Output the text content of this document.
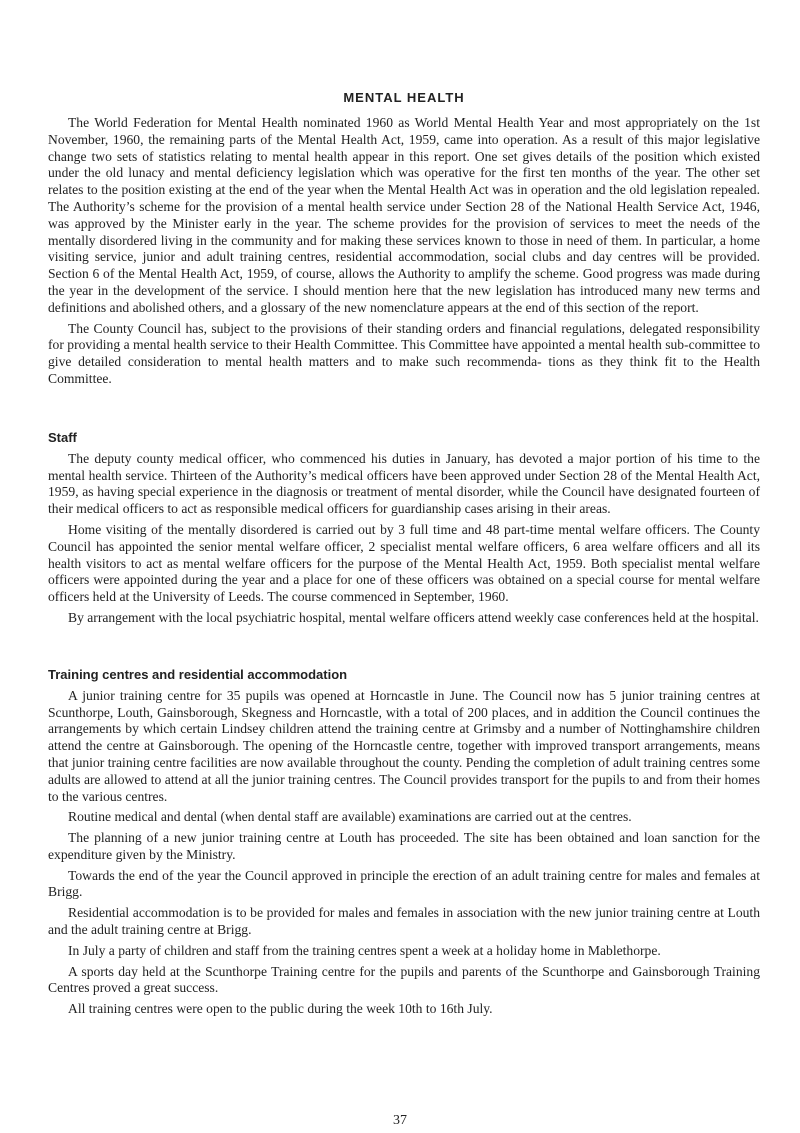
MENTAL HEALTH

The World Federation for Mental Health nominated 1960 as World Mental Health Year and most appropriately on the 1st November, 1960, the remaining parts of the Mental Health Act, 1959, came into operation. As a result of this major legislative change two sets of statistics relating to mental health appear in this report. One set gives details of the position which existed under the old lunacy and mental deficiency legislation which was operative for the first ten months of the year. The other set relates to the position existing at the end of the year when the Mental Health Act was in operation and the old legislation repealed. The Authority’s scheme for the provision of a mental health service under Section 28 of the National Health Service Act, 1946, was approved by the Minister early in the year. The scheme provides for the provision of services to meet the needs of the mentally disordered living in the community and for making these services known to those in need of them. In particular, a home visiting service, junior and adult training centres, residential accommodation, social clubs and day centres will be provided. Section 6 of the Mental Health Act, 1959, of course, allows the Authority to amplify the scheme. Good progress was made during the year in the development of the service. I should mention here that the new legislation has introduced many new terms and definitions and abolished others, and a glossary of the new nomenclature appears at the end of this section of the report.

The County Council has, subject to the provisions of their standing orders and financial regulations, delegated responsibility for providing a mental health service to their Health Committee. This Committee have appointed a mental health sub-committee to give detailed consideration to mental health matters and to make such recommenda- tions as they think fit to the Health Committee.

Staff

The deputy county medical officer, who commenced his duties in January, has devoted a major portion of his time to the mental health service. Thirteen of the Authority’s medical officers have been approved under Section 28 of the Mental Health Act, 1959, as having special experience in the diagnosis or treatment of mental disorder, while the Council have designated fourteen of their medical officers to act as responsible medical officers for guardianship cases arising in their areas.

Home visiting of the mentally disordered is carried out by 3 full time and 48 part-time mental welfare officers. The County Council has appointed the senior mental welfare officer, 2 specialist mental welfare officers, 6 area welfare officers and all its health visitors to act as mental welfare officers for the purpose of the Mental Health Act, 1959. Both specialist mental welfare officers were appointed during the year and a place for one of these officers was obtained on a special course for mental welfare officers held at the University of Leeds. The course commenced in September, 1960.

By arrangement with the local psychiatric hospital, mental welfare officers attend weekly case conferences held at the hospital.

Training centres and residential accommodation

A junior training centre for 35 pupils was opened at Horncastle in June. The Council now has 5 junior training centres at Scunthorpe, Louth, Gainsborough, Skegness and Horncastle, with a total of 200 places, and in addition the Council continues the arrangements by which certain Lindsey children attend the training centre at Grimsby and a number of Nottinghamshire children attend the centre at Gainsborough. The opening of the Horncastle centre, together with improved transport arrangements, means that junior training centre facilities are now available throughout the county. Pending the completion of adult training centres some adults are allowed to attend at all the junior training centres. The Council provides transport for the pupils to and from their homes to the various centres.

Routine medical and dental (when dental staff are available) examinations are carried out at the centres.

The planning of a new junior training centre at Louth has proceeded. The site has been obtained and loan sanction for the expenditure given by the Ministry.

Towards the end of the year the Council approved in principle the erection of an adult training centre for males and females at Brigg.

Residential accommodation is to be provided for males and females in association with the new junior training centre at Louth and the adult training centre at Brigg.

In July a party of children and staff from the training centres spent a week at a holiday home in Mablethorpe.

A sports day held at the Scunthorpe Training centre for the pupils and parents of the Scunthorpe and Gainsborough Training Centres proved a great success.

All training centres were open to the public during the week 10th to 16th July.

37
